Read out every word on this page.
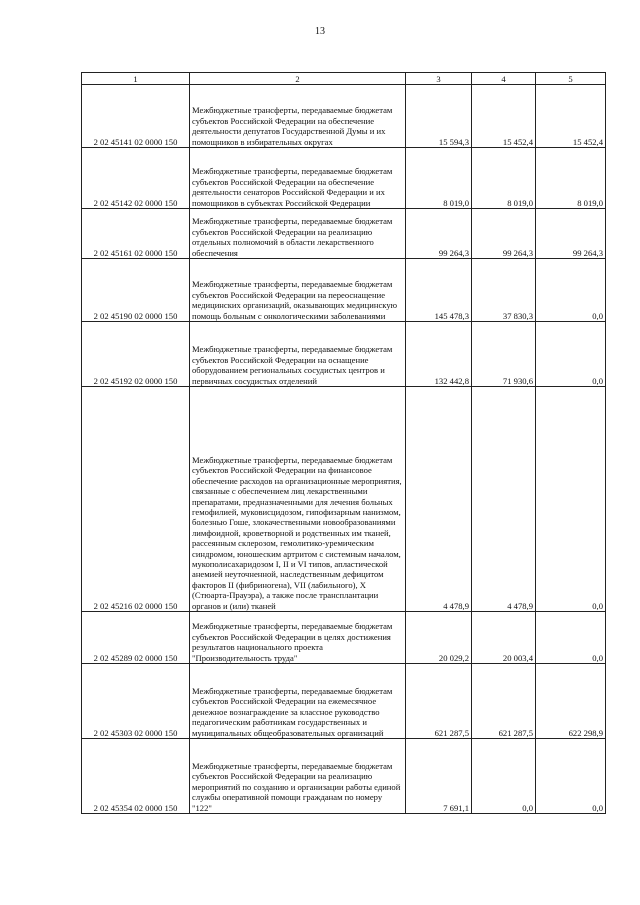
13
1	2	3	4	5
2 02 45141 02 0000 150	Межбюджетные трансферты, передаваемые бюджетам субъектов Российской Федерации на обеспечение деятельности депутатов Государственной Думы и их помощников в избирательных округах	15 594,3	15 452,4	15 452,4
2 02 45142 02 0000 150	Межбюджетные трансферты, передаваемые бюджетам субъектов Российской Федерации на обеспечение деятельности сенаторов Российской Федерации и их помощников в субъектах Российской Федерации	8 019,0	8 019,0	8 019,0
2 02 45161 02 0000 150	Межбюджетные трансферты, передаваемые бюджетам субъектов Российской Федерации на реализацию отдельных полномочий в области лекарственного обеспечения	99 264,3	99 264,3	99 264,3
2 02 45190 02 0000 150	Межбюджетные трансферты, передаваемые бюджетам субъектов Российской Федерации на переоснащение медицинских организаций, оказывающих медицинскую помощь больным с онкологическими заболеваниями	145 478,3	37 830,3	0,0
2 02 45192 02 0000 150	Межбюджетные трансферты, передаваемые бюджетам субъектов Российской Федерации на оснащение оборудованием региональных сосудистых центров и первичных сосудистых отделений	132 442,8	71 930,6	0,0
2 02 45216 02 0000 150	Межбюджетные трансферты, передаваемые бюджетам субъектов Российской Федерации на финансовое обеспечение расходов на организационные мероприятия, связанные с обеспечением лиц лекарственными препаратами, предназначенными для лечения больных гемофилией, муковисцидозом, гипофизарным нанизмом, болезнью Гоше, злокачественными новообразованиями лимфоидной, кроветворной и родственных им тканей, рассеянным склерозом, гемолитико-уремическим синдромом, юношеским артритом с системным началом, мукополисахаридозом I, II и VI типов, апластической анемией неуточненной, наследственным дефицитом факторов II (фибриногена), VII (лабильного), X (Стюарта-Прауэра), а также после трансплантации органов и (или) тканей	4 478,9	4 478,9	0,0
2 02 45289 02 0000 150	Межбюджетные трансферты, передаваемые бюджетам субъектов Российской Федерации в целях достижения результатов национального проекта "Производительность труда"	20 029,2	20 003,4	0,0
2 02 45303 02 0000 150	Межбюджетные трансферты, передаваемые бюджетам субъектов Российской Федерации на ежемесячное денежное вознаграждение за классное руководство педагогическим работникам государственных и муниципальных общеобразовательных организаций	621 287,5	621 287,5	622 298,9
2 02 45354 02 0000 150	Межбюджетные трансферты, передаваемые бюджетам субъектов Российской Федерации на реализацию мероприятий по созданию и организации работы единой службы оперативной помощи гражданам по номеру "122"	7 691,1	0,0	0,0
